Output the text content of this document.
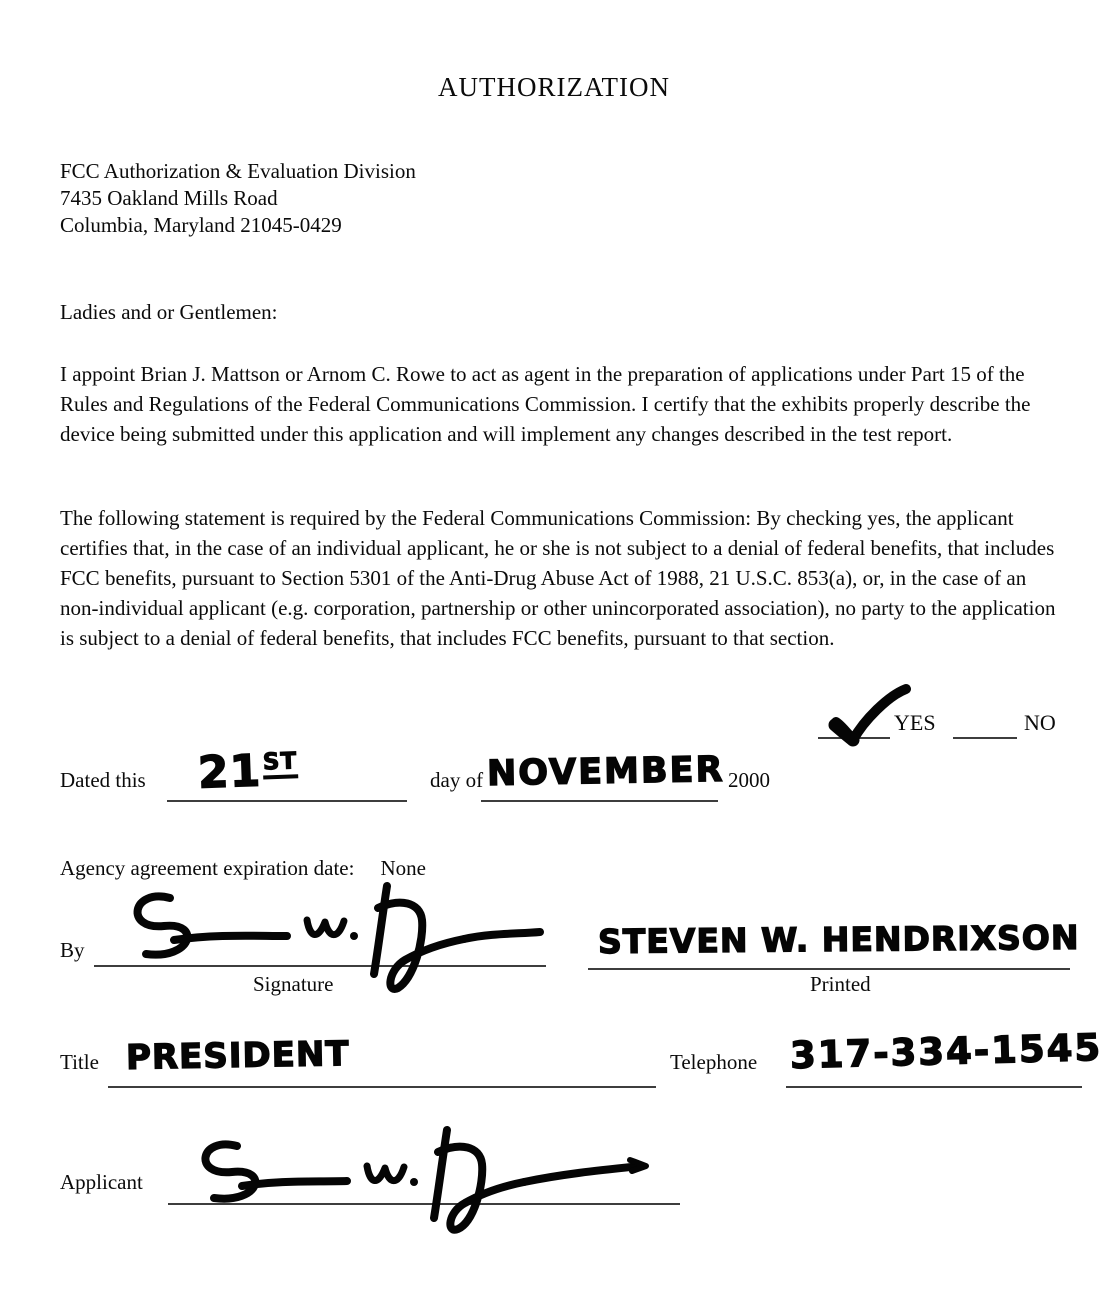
AUTHORIZATION
FCC Authorization & Evaluation Division
7435 Oakland Mills Road
Columbia, Maryland 21045-0429
Ladies and or Gentlemen:
I appoint Brian J. Mattson or Arnom C. Rowe to act as agent in the preparation of applications under Part 15 of the Rules and Regulations of the Federal Communications Commission. I certify that the exhibits properly describe the device being submitted under this application and will implement any changes described in the test report.
The following statement is required by the Federal Communications Commission: By checking yes, the applicant certifies that, in the case of an individual applicant, he or she is not subject to a denial of federal benefits, that includes FCC benefits, pursuant to Section 5301 of the Anti-Drug Abuse Act of 1988, 21 U.S.C. 853(a), or, in the case of an non-individual applicant (e.g. corporation, partnership or other unincorporated association), no party to the application is subject to a denial of federal benefits, that includes FCC benefits, pursuant to that section.
YES	NO
Dated this 21ST
day of NOVEMBER 2000
Agency agreement expiration date: None
By
Signature
STEVEN W. HENDRIXSON
Printed
Title PRESIDENT	Telephone 317-334-1545
Applicant
